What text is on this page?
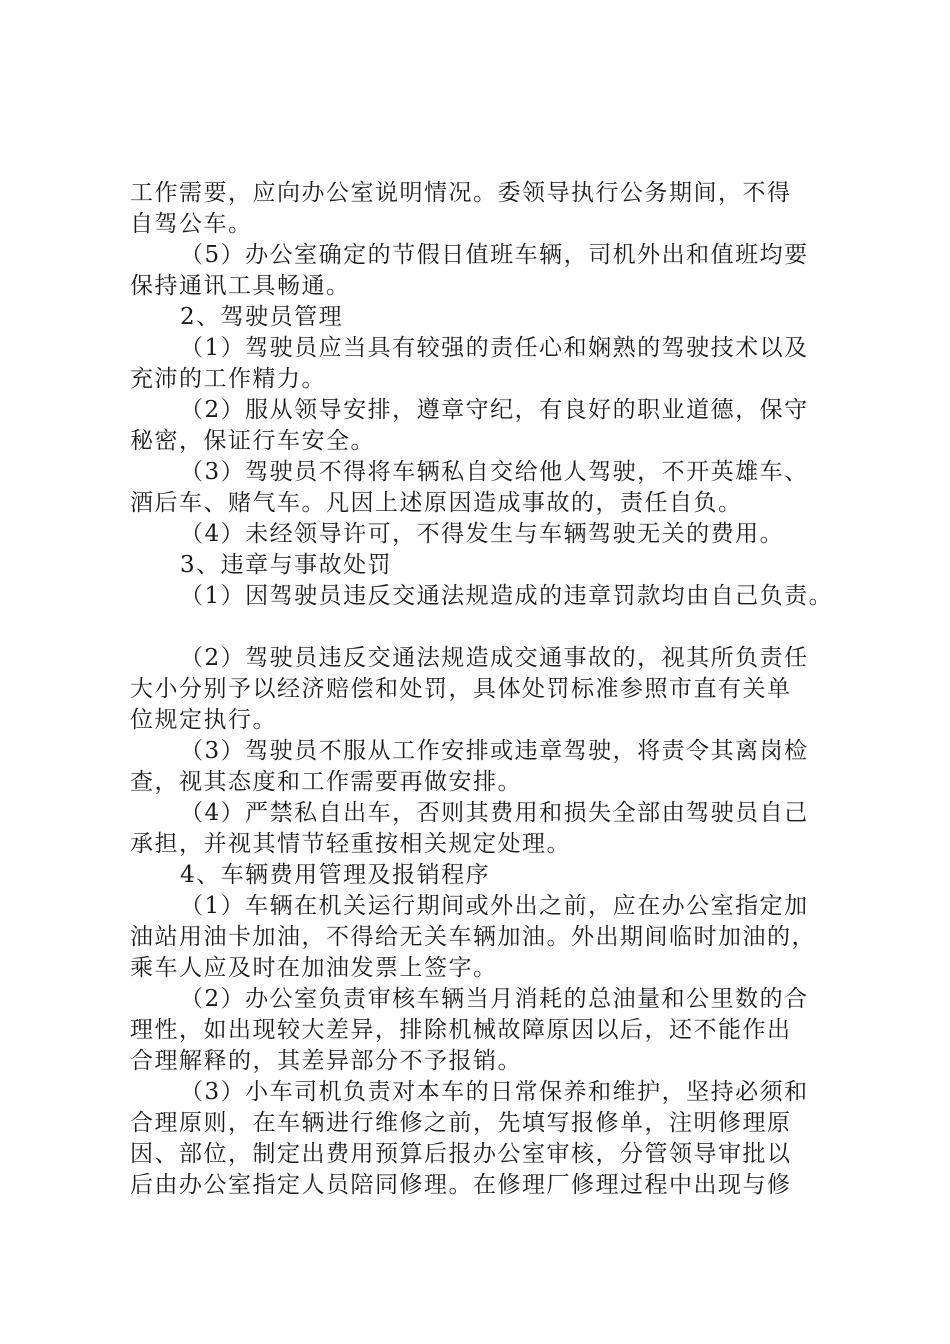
工作需要，应向办公室说明情况。委领导执行公务期间，不得
自驾公车。
（5）办公室确定的节假日值班车辆，司机外出和值班均要
保持通讯工具畅通。
2、驾驶员管理
（1）驾驶员应当具有较强的责任心和娴熟的驾驶技术以及
充沛的工作精力。
（2）服从领导安排，遵章守纪，有良好的职业道德，保守
秘密，保证行车安全。
（3）驾驶员不得将车辆私自交给他人驾驶，不开英雄车、
酒后车、赌气车。凡因上述原因造成事故的，责任自负。
（4）未经领导许可，不得发生与车辆驾驶无关的费用。
3、违章与事故处罚
（1）因驾驶员违反交通法规造成的违章罚款均由自己负责。
（2）驾驶员违反交通法规造成交通事故的，视其所负责任
大小分别予以经济赔偿和处罚，具体处罚标准参照市直有关单
位规定执行。
（3）驾驶员不服从工作安排或违章驾驶，将责令其离岗检
查，视其态度和工作需要再做安排。
（4）严禁私自出车，否则其费用和损失全部由驾驶员自己
承担，并视其情节轻重按相关规定处理。
4、车辆费用管理及报销程序
（1）车辆在机关运行期间或外出之前，应在办公室指定加
油站用油卡加油，不得给无关车辆加油。外出期间临时加油的，
乘车人应及时在加油发票上签字。
（2）办公室负责审核车辆当月消耗的总油量和公里数的合
理性，如出现较大差异，排除机械故障原因以后，还不能作出
合理解释的，其差异部分不予报销。
（3）小车司机负责对本车的日常保养和维护，坚持必须和
合理原则，在车辆进行维修之前，先填写报修单，注明修理原
因、部位，制定出费用预算后报办公室审核，分管领导审批以
后由办公室指定人员陪同修理。在修理厂修理过程中出现与修
